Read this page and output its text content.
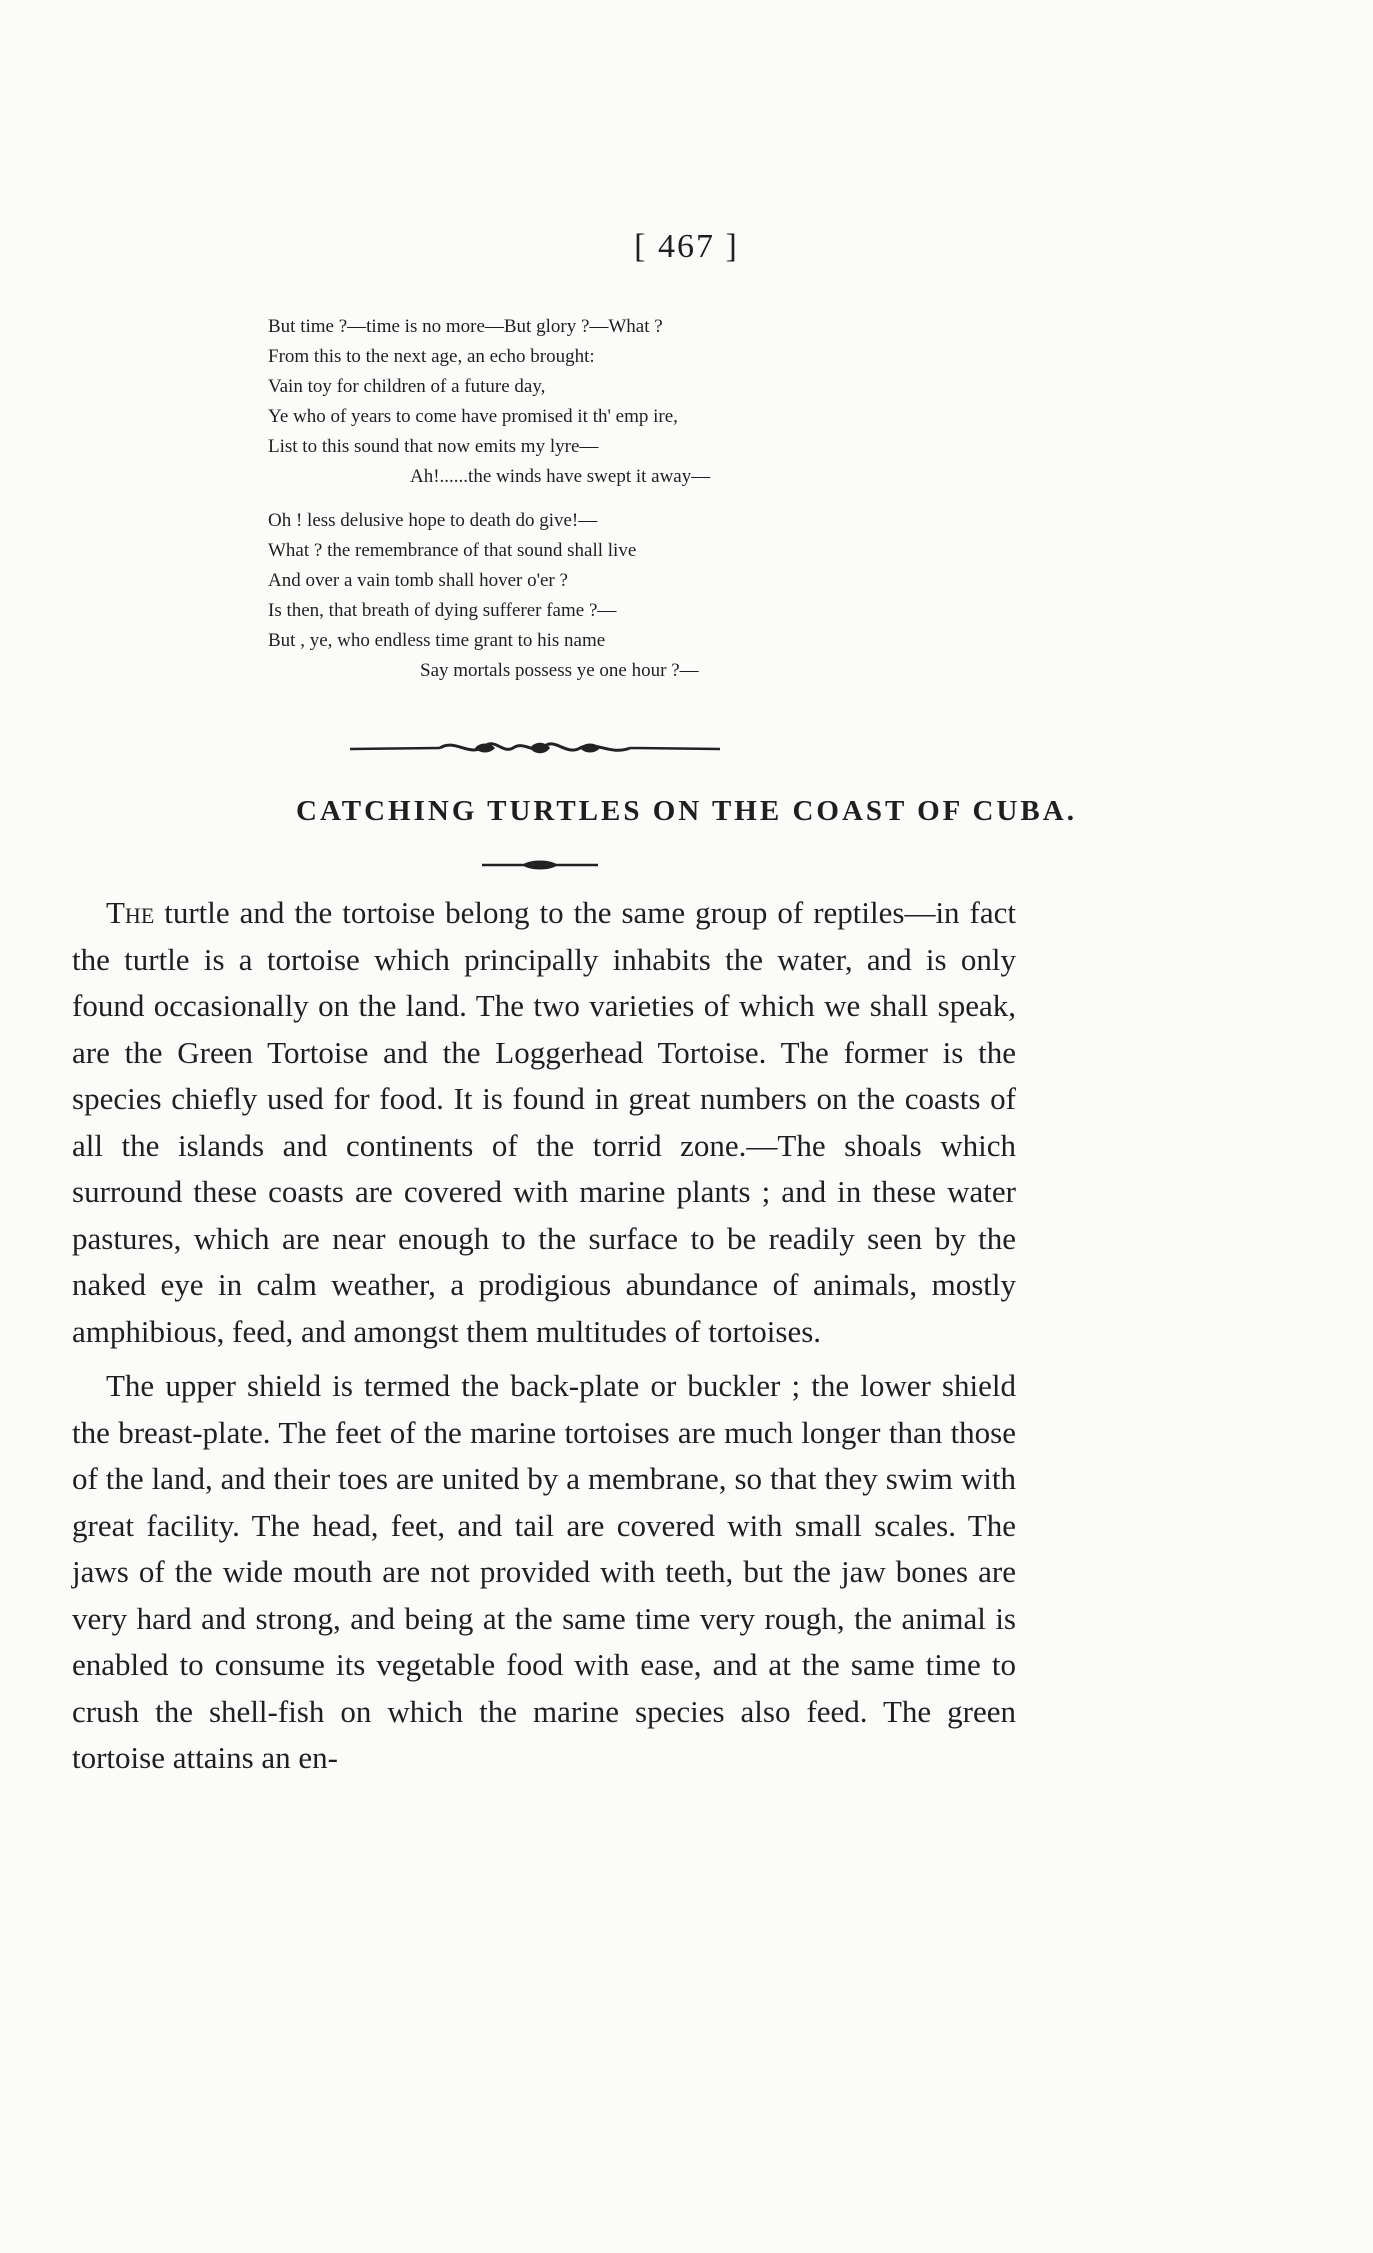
[ 467 ]
But time ?—time is no more—But glory ?—What ?
From this to the next age, an echo brought:
Vain toy for children of a future day,
Ye who of years to come have promised it th' emp ire,
List to this sound that now emits my lyre—
Ah!......the winds have swept it away—
Oh ! less delusive hope to death do give!—
What ? the remembrance of that sound shall live
And over a vain tomb shall hover o'er ?
Is then, that breath of dying sufferer fame ?—
But , ye, who endless time grant to his name
Say mortals possess ye one hour ?—
CATCHING TURTLES ON THE COAST OF CUBA.

The turtle and the tortoise belong to the same group of reptiles—in fact the turtle is a tortoise which principally inhabits the water, and is only found occasionally on the land. The two varieties of which we shall speak, are the Green Tortoise and the Loggerhead Tortoise. The former is the species chiefly used for food. It is found in great numbers on the coasts of all the islands and continents of the torrid zone.—The shoals which surround these coasts are covered with marine plants ; and in these water pastures, which are near enough to the surface to be readily seen by the naked eye in calm weather, a prodigious abundance of animals, mostly amphibious, feed, and amongst them multitudes of tortoises.

The upper shield is termed the back-plate or buckler ; the lower shield the breast-plate. The feet of the marine tortoises are much longer than those of the land, and their toes are united by a membrane, so that they swim with great facility. The head, feet, and tail are covered with small scales. The jaws of the wide mouth are not provided with teeth, but the jaw bones are very hard and strong, and being at the same time very rough, the animal is enabled to consume its vegetable food with ease, and at the same time to crush the shell-fish on which the marine species also feed. The green tortoise attains an en-
